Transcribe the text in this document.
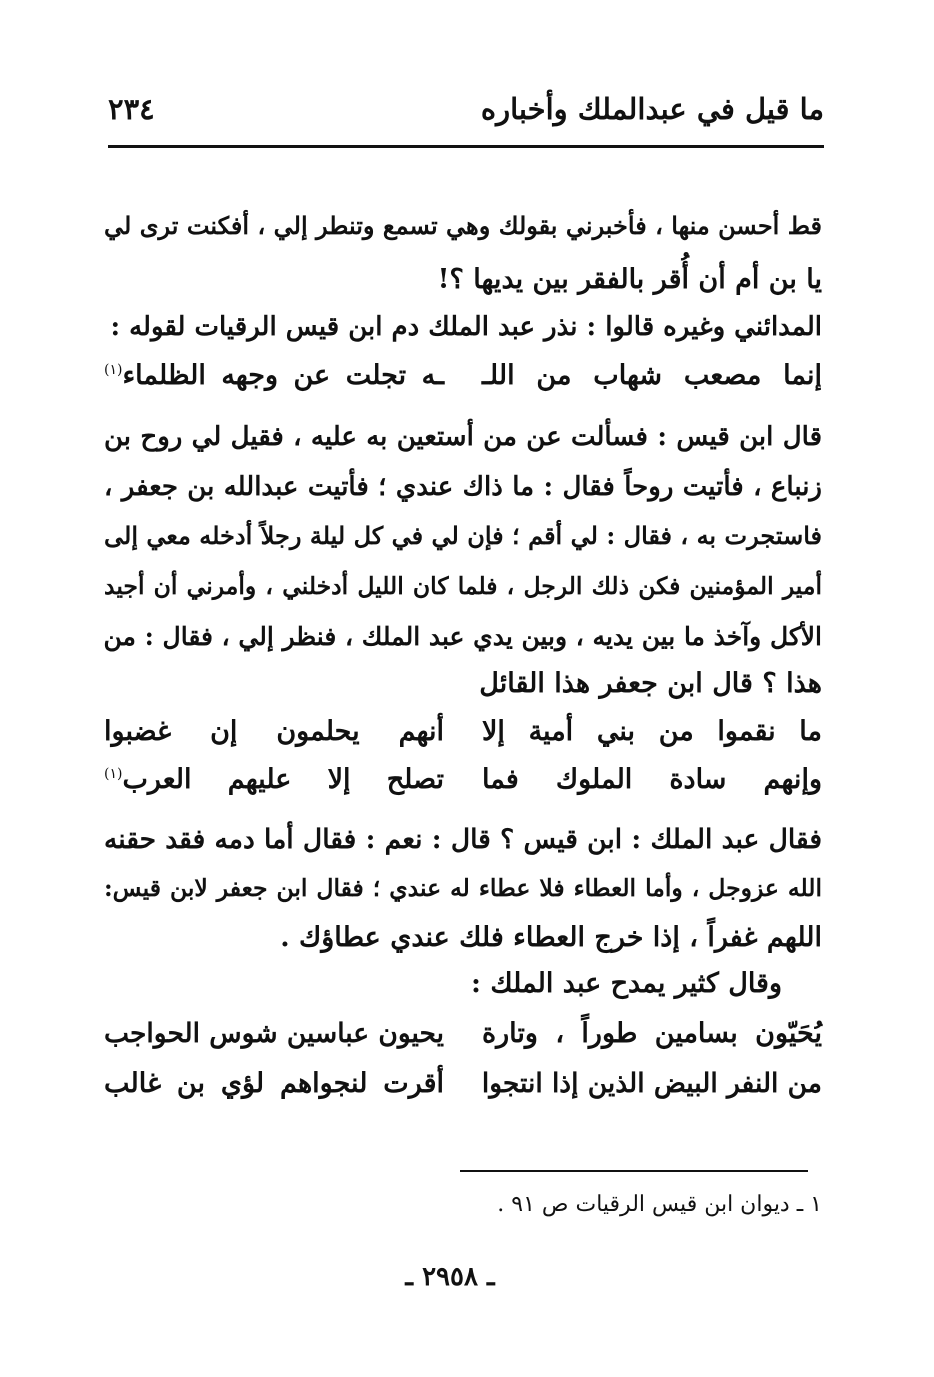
ما قيل في عبدالملك وأخباره
٢٣٤
قط أحسن منها ، فأخبرني بقولك وهي تسمع وتنطر إلي ، أفكنت ترى لي
يا بن أم أن أُقر بالفقر بين يديها ؟!
المدائني وغيره قالوا : نذر عبد الملك دم ابن قيس الرقيات لقوله :
إنما مصعب شهاب من اللـ
ـه تجلت عن وجهه الظلماء$^{(١)}$
قال ابن قيس : فسألت عن من أستعين به عليه ، فقيل لي روح بن
زنباع ، فأتيت روحاً فقال : ما ذاك عندي ؛ فأتيت عبدالله بن جعفر ،
فاستجرت به ، فقال : لي أقم ؛ فإن لي في كل ليلة رجلاً أدخله معي إلى
أمير المؤمنين فكن ذلك الرجل ، فلما كان الليل أدخلني ، وأمرني أن أجيد
الأكل وآخذ ما بين يديه ، وبين يدي عبد الملك ، فنظر إلي ، فقال : من
هذا ؟ قال ابن جعفر هذا القائل
ما نقموا من بني أمية إلا
أنهم يحلمون إن غضبوا
وإنهم سادة الملوك فما
تصلح إلا عليهم العرب$^{(١)}$
فقال عبد الملك : ابن قيس ؟ قال : نعم : فقال أما دمه فقد حقنه
الله عزوجل ، وأما العطاء فلا عطاء له عندي ؛ فقال ابن جعفر لابن قيس:
اللهم غفراً ، إذا خرج العطاء فلك عندي عطاؤك .
وقال كثير يمدح عبد الملك :
يُحَيّون بسامين طوراً ، وتارة
يحيون عباسين شوس الحواجب
من النفر البيض الذين إذا انتجوا
أقرت لنجواهم لؤي بن غالب
١ ـ ديوان ابن قيس الرقيات ص ٩١ .
ـ ٢٩٥٨ ـ
